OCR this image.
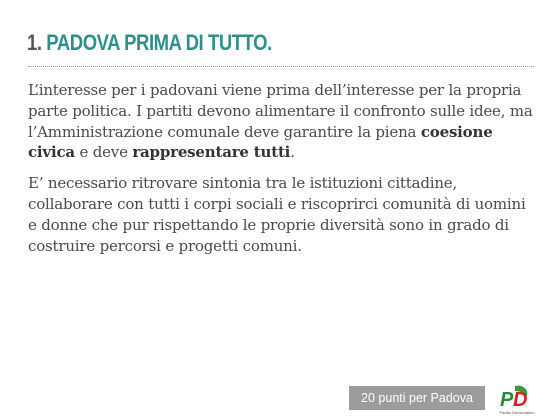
1. PADOVA PRIMA DI TUTTO.

L’interesse per i padovani viene prima dell’interesse per la propria parte politica. I partiti devono alimentare il confronto sulle idee, ma l’Amministrazione comunale deve garantire la piena coesione civica e deve rappresentare tutti.

E’ necessario ritrovare sintonia tra le istituzioni cittadine, collaborare con tutti i corpi sociali e riscoprirci comunità di uomini e donne che pur rispettando le proprie diversità sono in grado di costruire percorsi e progetti comuni.

20 punti per Padova	P D
Partito Democratico
